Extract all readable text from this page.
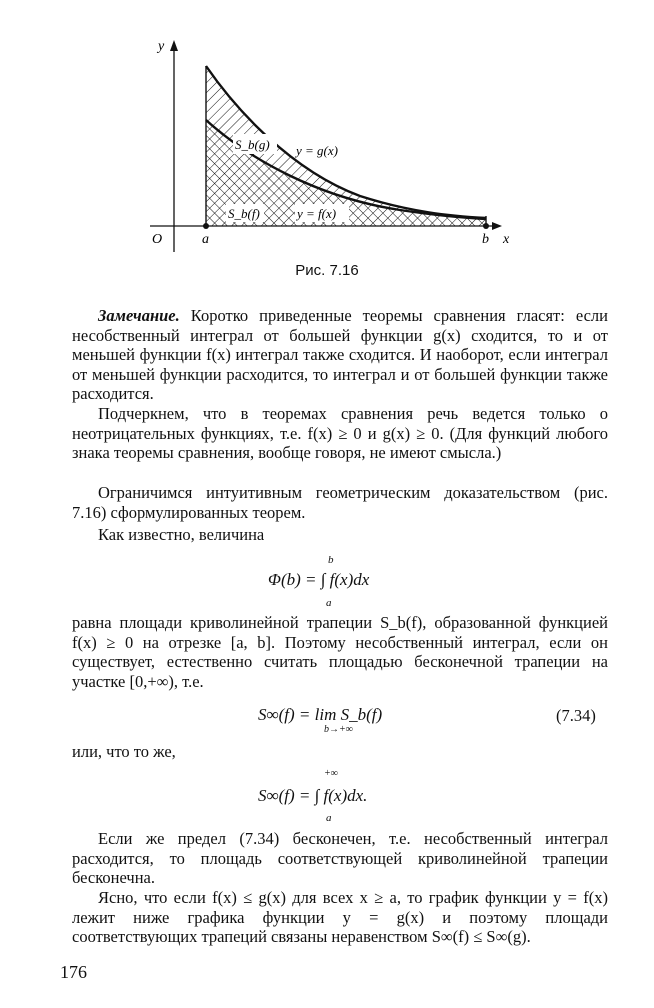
y
x
O	a	b
S_b(g)
S_b(f)
y = g(x)
y = f(x)
Рис. 7.16
Замечание. Коротко приведенные теоремы сравнения гласят: если несобственный интеграл от большей функции g(x) сходится, то и от меньшей функции f(x) интеграл также сходится. И наоборот, если интеграл от меньшей функции расходится, то интеграл и от большей функции также расходится.
Подчеркнем, что в теоремах сравнения речь ведется только о неотрицательных функциях, т.е. f(x) ≥ 0 и g(x) ≥ 0. (Для функций любого знака теоремы сравнения, вообще говоря, не имеют смысла.)
Ограничимся интуитивным геометрическим доказательством (рис. 7.16) сформулированных теорем.
Как известно, величина
Φ(b) = ∫ f(x)dx
b
a
равна площади криволинейной трапеции S_b(f), образованной функцией f(x) ≥ 0 на отрезке [a, b]. Поэтому несобственный интеграл, если он существует, естественно считать площадью бесконечной трапеции на участке [0,+∞), т.е.
S∞(f) = lim S_b(f)
b→+∞
(7.34)
или, что то же,
S∞(f) = ∫ f(x)dx.
+∞
a
Если же предел (7.34) бесконечен, т.е. несобственный интеграл расходится, то площадь соответствующей криволинейной трапеции бесконечна.
Ясно, что если f(x) ≤ g(x) для всех x ≥ a, то график функции y = f(x) лежит ниже графика функции y = g(x) и поэтому площади соответствующих трапеций связаны неравенством S∞(f) ≤ S∞(g).
176
